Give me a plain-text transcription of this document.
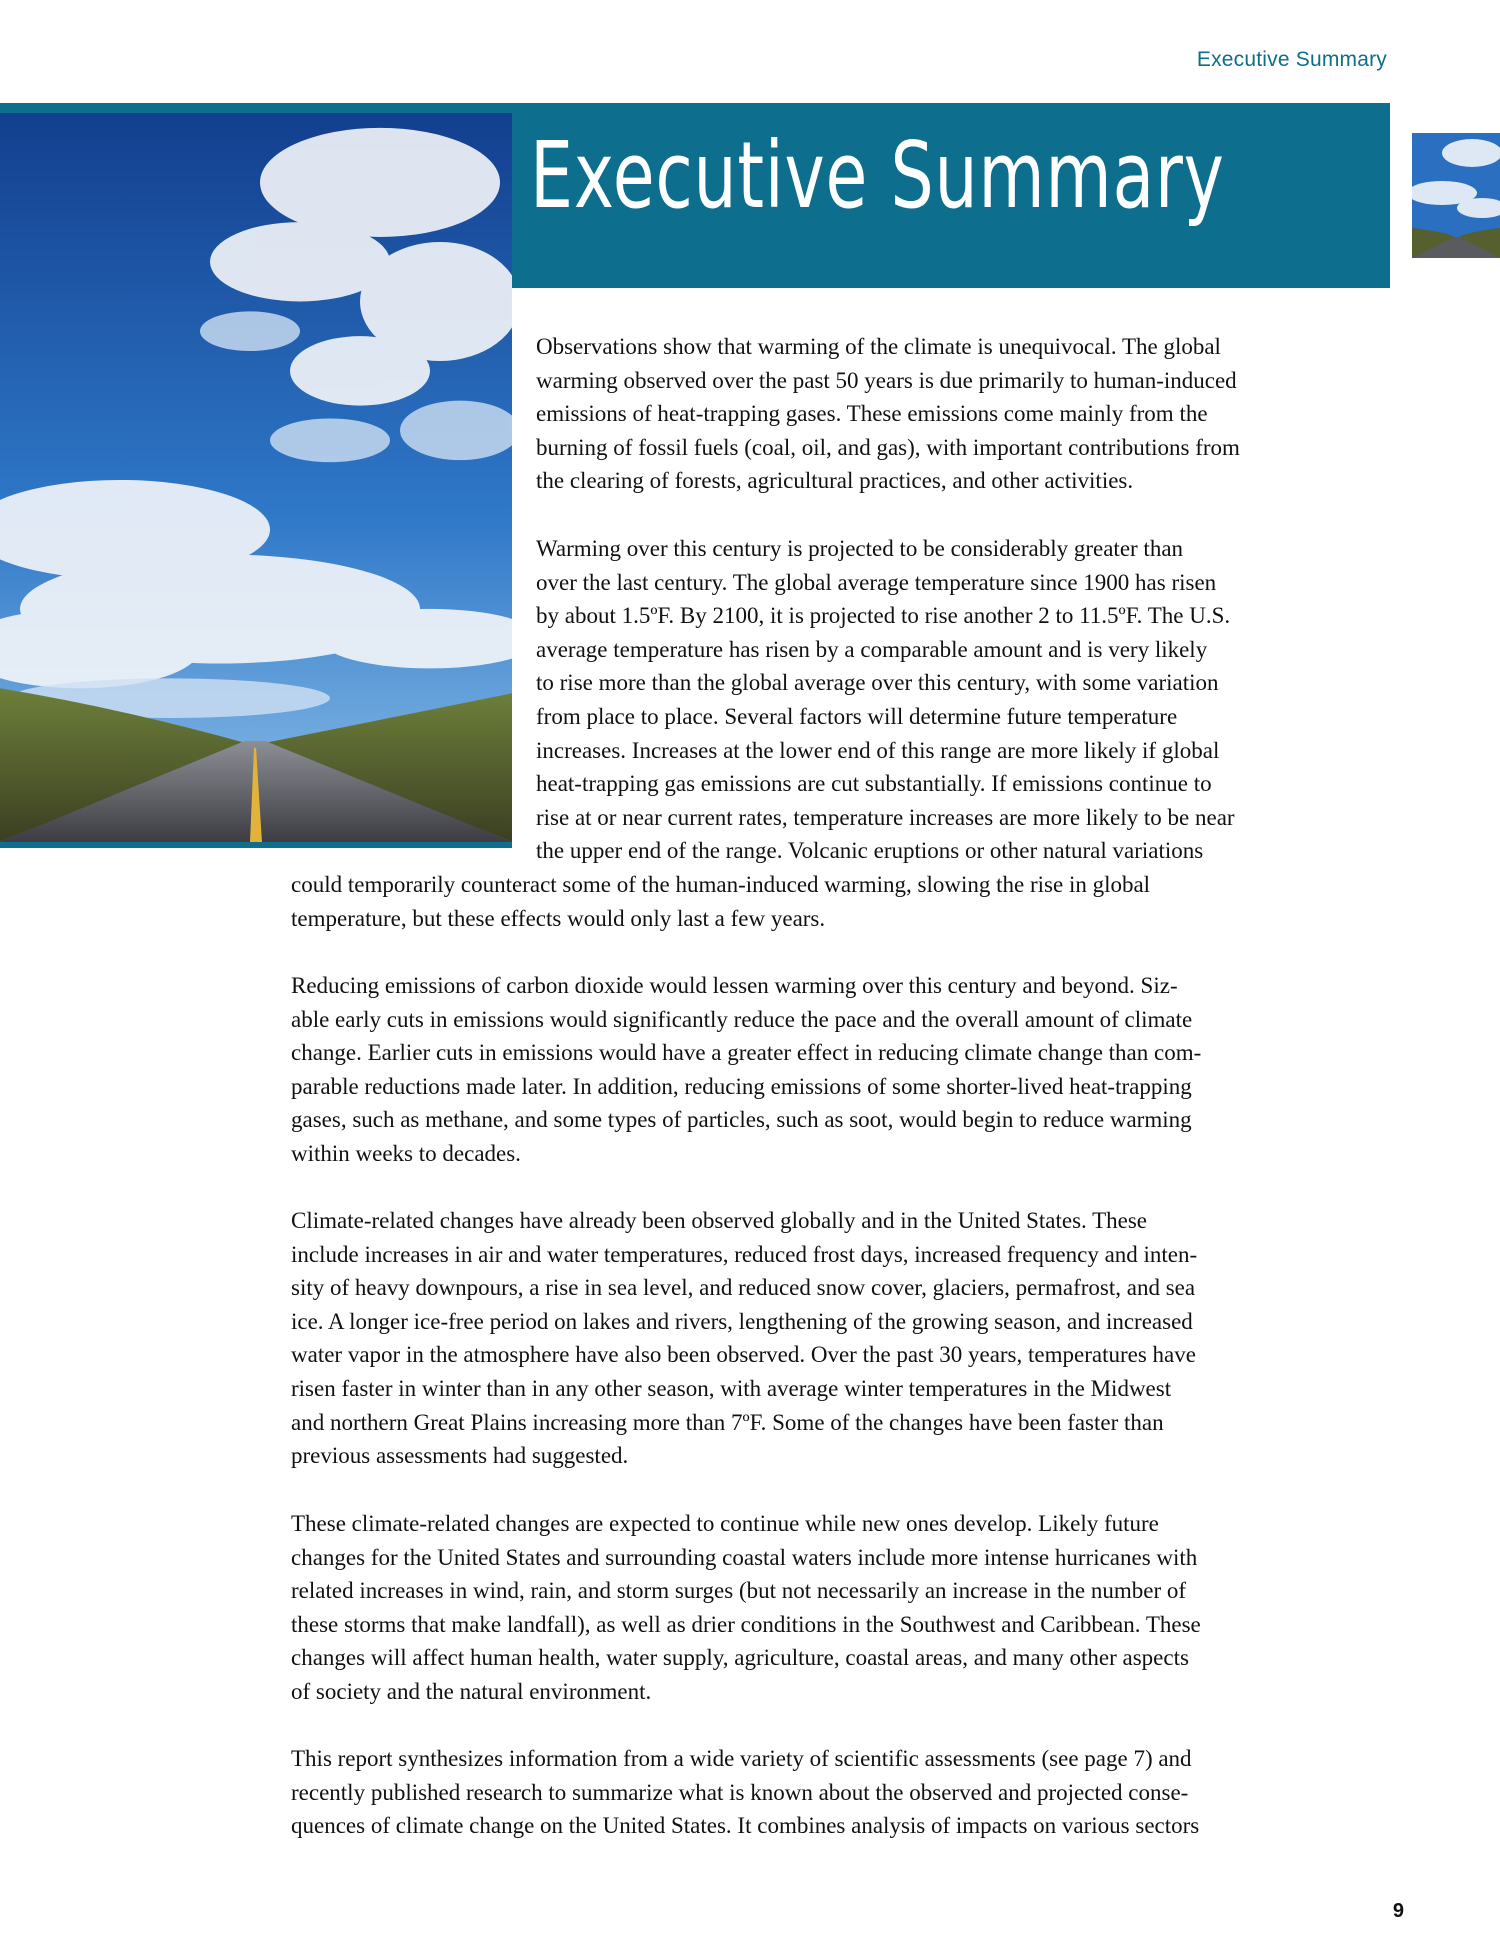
Executive Summary
Executive Summary
Observations show that warming of the climate is unequivocal. The global
warming observed over the past 50 years is due primarily to human-induced
emissions of heat-trapping gases. These emissions come mainly from the
burning of fossil fuels (coal, oil, and gas), with important contributions from
the clearing of forests, agricultural practices, and other activities.
Warming over this century is projected to be considerably greater than
over the last century. The global average temperature since 1900 has risen
by about 1.5ºF. By 2100, it is projected to rise another 2 to 11.5ºF. The U.S.
average temperature has risen by a comparable amount and is very likely
to rise more than the global average over this century, with some variation
from place to place. Several factors will determine future temperature
increases. Increases at the lower end of this range are more likely if global
heat-trapping gas emissions are cut substantially. If emissions continue to
rise at or near current rates, temperature increases are more likely to be near
the upper end of the range. Volcanic eruptions or other natural variations
could temporarily counteract some of the human-induced warming, slowing the rise in global
temperature, but these effects would only last a few years.
Reducing emissions of carbon dioxide would lessen warming over this century and beyond. Siz-
able early cuts in emissions would significantly reduce the pace and the overall amount of climate
change. Earlier cuts in emissions would have a greater effect in reducing climate change than com-
parable reductions made later. In addition, reducing emissions of some shorter-lived heat-trapping
gases, such as methane, and some types of particles, such as soot, would begin to reduce warming
within weeks to decades.
Climate-related changes have already been observed globally and in the United States. These
include increases in air and water temperatures, reduced frost days, increased frequency and inten-
sity of heavy downpours, a rise in sea level, and reduced snow cover, glaciers, permafrost, and sea
ice. A longer ice-free period on lakes and rivers, lengthening of the growing season, and increased
water vapor in the atmosphere have also been observed. Over the past 30 years, temperatures have
risen faster in winter than in any other season, with average winter temperatures in the Midwest
and northern Great Plains increasing more than 7ºF. Some of the changes have been faster than
previous assessments had suggested.
These climate-related changes are expected to continue while new ones develop. Likely future
changes for the United States and surrounding coastal waters include more intense hurricanes with
related increases in wind, rain, and storm surges (but not necessarily an increase in the number of
these storms that make landfall), as well as drier conditions in the Southwest and Caribbean. These
changes will affect human health, water supply, agriculture, coastal areas, and many other aspects
of society and the natural environment.
This report synthesizes information from a wide variety of scientific assessments (see page 7) and
recently published research to summarize what is known about the observed and projected conse-
quences of climate change on the United States. It combines analysis of impacts on various sectors
9
